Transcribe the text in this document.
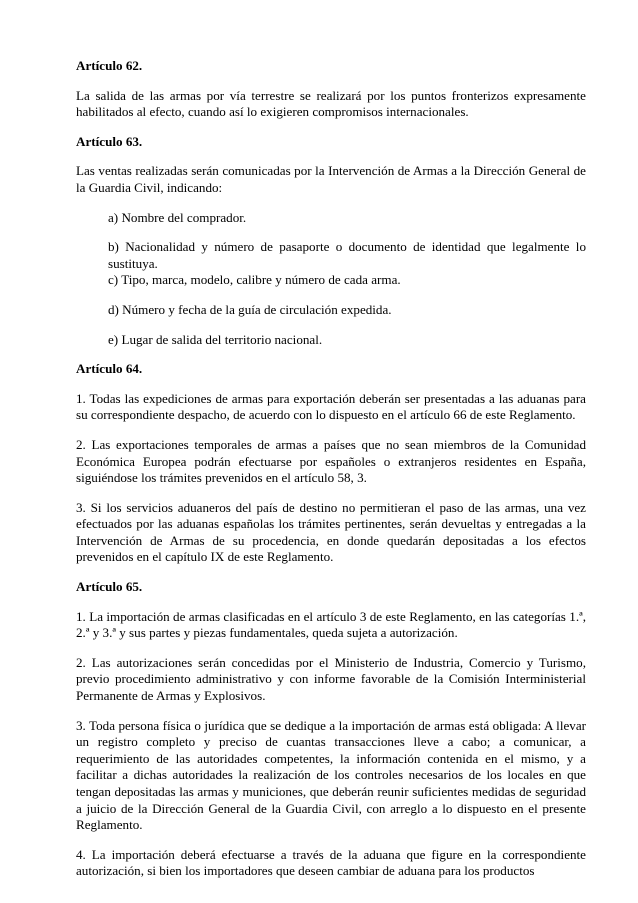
Artículo 62.
La salida de las armas por vía terrestre se realizará por los puntos fronterizos expresamente habilitados al efecto, cuando así lo exigieren compromisos internacionales.
Artículo 63.
Las ventas realizadas serán comunicadas por la Intervención de Armas a la Dirección General de la Guardia Civil, indicando:
a) Nombre del comprador.
b) Nacionalidad y número de pasaporte o documento de identidad que legalmente lo sustituya.
c) Tipo, marca, modelo, calibre y número de cada arma.
d) Número y fecha de la guía de circulación expedida.
e) Lugar de salida del territorio nacional.
Artículo 64.
1. Todas las expediciones de armas para exportación deberán ser presentadas a las aduanas para su correspondiente despacho, de acuerdo con lo dispuesto en el artículo 66 de este Reglamento.
2. Las exportaciones temporales de armas a países que no sean miembros de la Comunidad Económica Europea podrán efectuarse por españoles o extranjeros residentes en España, siguiéndose los trámites prevenidos en el artículo 58, 3.
3. Si los servicios aduaneros del país de destino no permitieran el paso de las armas, una vez efectuados por las aduanas españolas los trámites pertinentes, serán devueltas y entregadas a la Intervención de Armas de su procedencia, en donde quedarán depositadas a los efectos prevenidos en el capítulo IX de este Reglamento.
Artículo 65.
1. La importación de armas clasificadas en el artículo 3 de este Reglamento, en las categorías 1.ª, 2.ª y 3.ª y sus partes y piezas fundamentales, queda sujeta a autorización.
2. Las autorizaciones serán concedidas por el Ministerio de Industria, Comercio y Turismo, previo procedimiento administrativo y con informe favorable de la Comisión Interministerial Permanente de Armas y Explosivos.
3. Toda persona física o jurídica que se dedique a la importación de armas está obligada: A llevar un registro completo y preciso de cuantas transacciones lleve a cabo; a comunicar, a requerimiento de las autoridades competentes, la información contenida en el mismo, y a facilitar a dichas autoridades la realización de los controles necesarios de los locales en que tengan depositadas las armas y municiones, que deberán reunir suficientes medidas de seguridad a juicio de la Dirección General de la Guardia Civil, con arreglo a lo dispuesto en el presente Reglamento.
4. La importación deberá efectuarse a través de la aduana que figure en la correspondiente autorización, si bien los importadores que deseen cambiar de aduana para los productos
